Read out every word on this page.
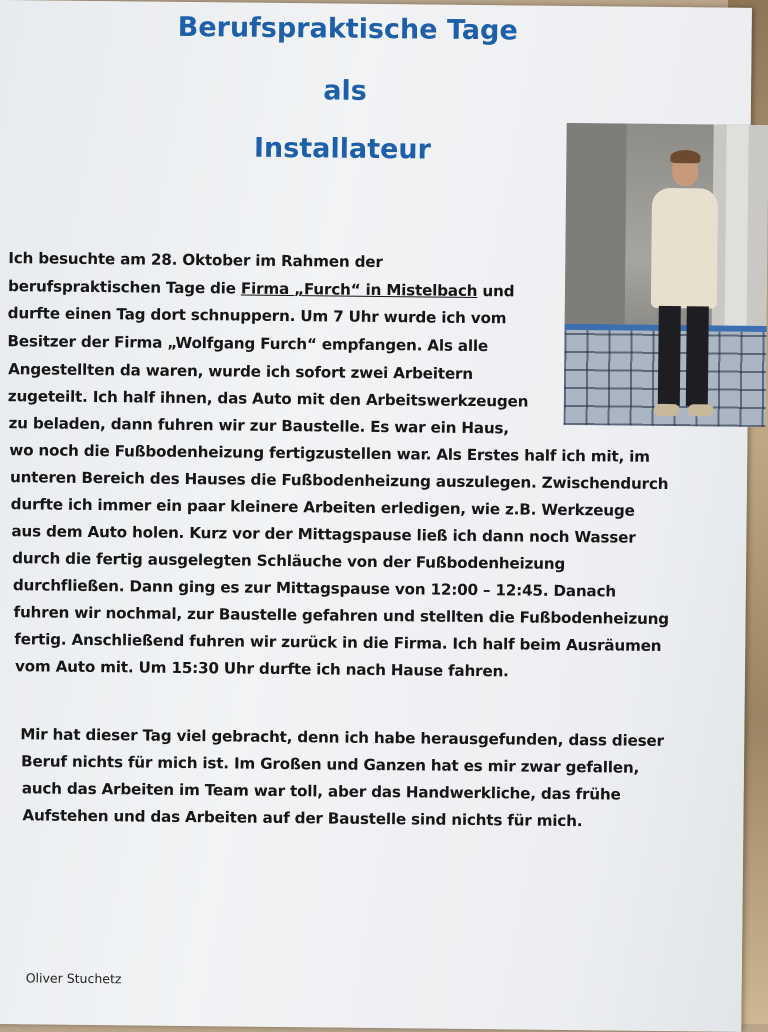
Berufspraktische Tage
als
Installateur
Ich besuchte am 28. Oktober im Rahmen der
berufspraktischen Tage die Firma „Furch“ in Mistelbach und
durfte einen Tag dort schnuppern. Um 7 Uhr wurde ich vom
Besitzer der Firma „Wolfgang Furch“ empfangen. Als alle
Angestellten da waren, wurde ich sofort zwei Arbeitern
zugeteilt. Ich half ihnen, das Auto mit den Arbeitswerkzeugen
zu beladen, dann fuhren wir zur Baustelle. Es war ein Haus,
wo noch die Fußbodenheizung fertigzustellen war. Als Erstes half ich mit, im
unteren Bereich des Hauses die Fußbodenheizung auszulegen. Zwischendurch
durfte ich immer ein paar kleinere Arbeiten erledigen, wie z.B. Werkzeuge
aus dem Auto holen. Kurz vor der Mittagspause ließ ich dann noch Wasser
durch die fertig ausgelegten Schläuche von der Fußbodenheizung
durchfließen. Dann ging es zur Mittagspause von 12:00 – 12:45. Danach
fuhren wir nochmal, zur Baustelle gefahren und stellten die Fußbodenheizung
fertig. Anschließend fuhren wir zurück in die Firma. Ich half beim Ausräumen
vom Auto mit. Um 15:30 Uhr durfte ich nach Hause fahren.
Mir hat dieser Tag viel gebracht, denn ich habe herausgefunden, dass dieser
Beruf nichts für mich ist. Im Großen und Ganzen hat es mir zwar gefallen,
auch das Arbeiten im Team war toll, aber das Handwerkliche, das frühe
Aufstehen und das Arbeiten auf der Baustelle sind nichts für mich.
Oliver Stuchetz
